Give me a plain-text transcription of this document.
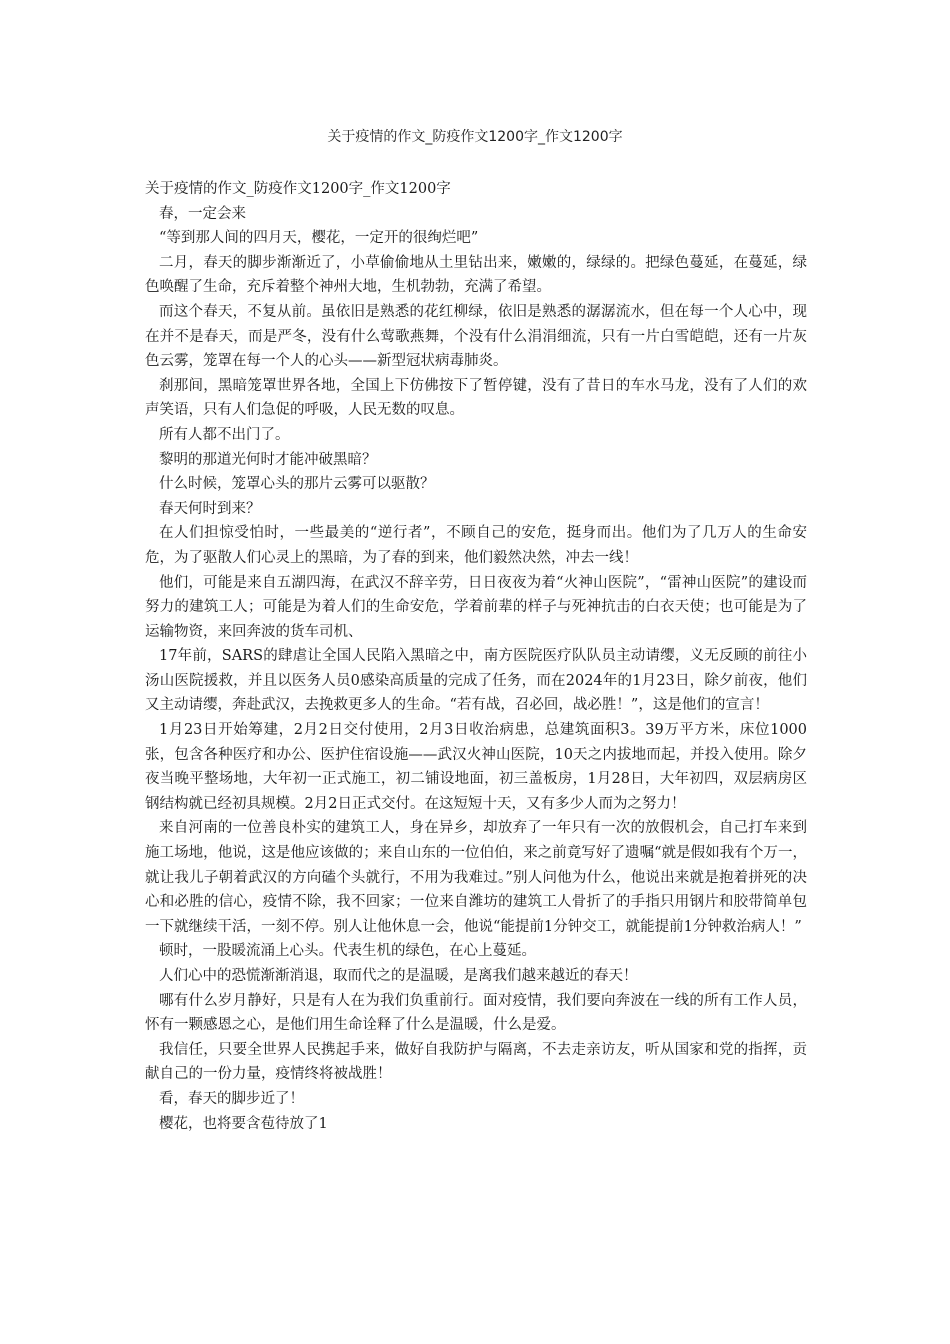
关于疫情的作文_防疫作文1200字_作文1200字

关于疫情的作文_防疫作文1200字_作文1200字

春，一定会来

“等到那人间的四月天，樱花，一定开的很绚烂吧”

二月，春天的脚步渐渐近了，小草偷偷地从土里钻出来，嫩嫩的，绿绿的。把绿色蔓延，在蔓延，绿色唤醒了生命，充斥着整个神州大地，生机勃勃，充满了希望。

而这个春天，不复从前。虽依旧是熟悉的花红柳绿，依旧是熟悉的潺潺流水，但在每一个人心中，现在并不是春天，而是严冬，没有什么莺歌燕舞，个没有什么涓涓细流，只有一片白雪皑皑，还有一片灰色云雾，笼罩在每一个人的心头——新型冠状病毒肺炎。

刹那间，黑暗笼罩世界各地，全国上下仿佛按下了暂停键，没有了昔日的车水马龙，没有了人们的欢声笑语，只有人们急促的呼吸，人民无数的叹息。

所有人都不出门了。

黎明的那道光何时才能冲破黑暗？

什么时候，笼罩心头的那片云雾可以驱散？

春天何时到来？

在人们担惊受怕时，一些最美的“逆行者”，不顾自己的安危，挺身而出。他们为了几万人的生命安危，为了驱散人们心灵上的黑暗，为了春的到来，他们毅然决然，冲去一线！

他们，可能是来自五湖四海，在武汉不辞辛劳，日日夜夜为着“火神山医院”，“雷神山医院”的建设而努力的建筑工人；可能是为着人们的生命安危，学着前辈的样子与死神抗击的白衣天使；也可能是为了运输物资，来回奔波的货车司机、

17年前，SARS的肆虐让全国人民陷入黑暗之中，南方医院医疗队队员主动请缨，义无反顾的前往小汤山医院援救，并且以医务人员0感染高质量的完成了任务，而在2024年的1月23日，除夕前夜，他们又主动请缨，奔赴武汉，去挽救更多人的生命。“若有战，召必回，战必胜！”，这是他们的宣言！

1月23日开始筹建，2月2日交付使用，2月3日收治病患，总建筑面积3。39万平方米，床位1000张，包含各种医疗和办公、医护住宿设施——武汉火神山医院，10天之内拔地而起，并投入使用。除夕夜当晚平整场地，大年初一正式施工，初二铺设地面，初三盖板房，1月28日，大年初四，双层病房区钢结构就已经初具规模。2月2日正式交付。在这短短十天，又有多少人而为之努力！

来自河南的一位善良朴实的建筑工人，身在异乡，却放弃了一年只有一次的放假机会，自己打车来到施工场地，他说，这是他应该做的；来自山东的一位伯伯，来之前竟写好了遗嘱“就是假如我有个万一，就让我儿子朝着武汉的方向磕个头就行，不用为我难过。”别人问他为什么，他说出来就是抱着拼死的决心和必胜的信心，疫情不除，我不回家；一位来自潍坊的建筑工人骨折了的手指只用钢片和胶带简单包一下就继续干活，一刻不停。别人让他休息一会，他说“能提前1分钟交工，就能提前1分钟救治病人！”

顿时，一股暖流涌上心头。代表生机的绿色，在心上蔓延。

人们心中的恐慌渐渐消退，取而代之的是温暖，是离我们越来越近的春天！

哪有什么岁月静好，只是有人在为我们负重前行。面对疫情，我们要向奔波在一线的所有工作人员，怀有一颗感恩之心，是他们用生命诠释了什么是温暖，什么是爱。

我信任，只要全世界人民携起手来，做好自我防护与隔离，不去走亲访友，听从国家和党的指挥，贡献自己的一份力量，疫情终将被战胜！

看，春天的脚步近了！

樱花，也将要含苞待放了1
